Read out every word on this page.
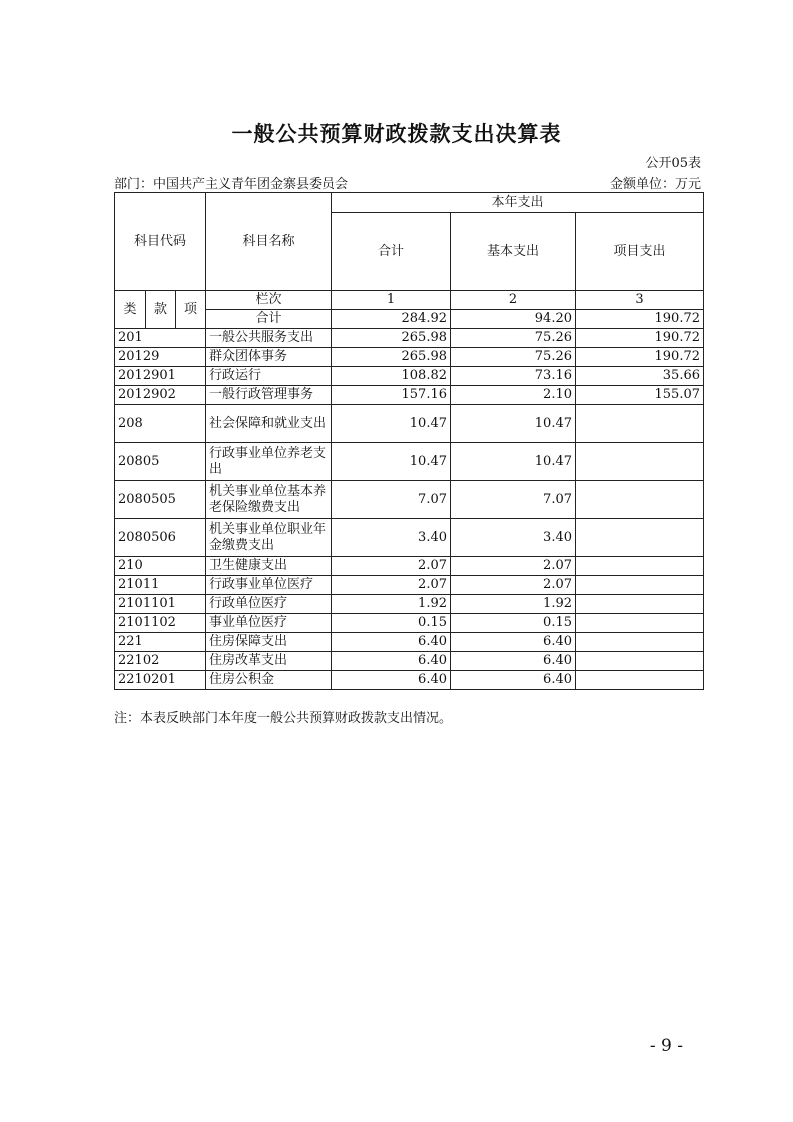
一般公共预算财政拨款支出决算表
公开05表
部门：中国共产主义青年团金寨县委员会	金额单位：万元
科目代码			科目名称	本年支出		
				合计	基本支出	项目支出
类	款	项	栏次	1	2	3
			合计	284.92	94.20	190.72
201			一般公共服务支出	265.98	75.26	190.72
20129			群众团体事务	265.98	75.26	190.72
2012901			行政运行	108.82	73.16	35.66
2012902			一般行政管理事务	157.16	2.10	155.07
208			社会保障和就业支出	10.47	10.47	
20805			行政事业单位养老支出	10.47	10.47	
2080505			机关事业单位基本养老保险缴费支出	7.07	7.07	
2080506			机关事业单位职业年金缴费支出	3.40	3.40	
210			卫生健康支出	2.07	2.07	
21011			行政事业单位医疗	2.07	2.07	
2101101			行政单位医疗	1.92	1.92	
2101102			事业单位医疗	0.15	0.15	
221			住房保障支出	6.40	6.40	
22102			住房改革支出	6.40	6.40	
2210201			住房公积金	6.40	6.40	
注：本表反映部门本年度一般公共预算财政拨款支出情况。
- 9 -
